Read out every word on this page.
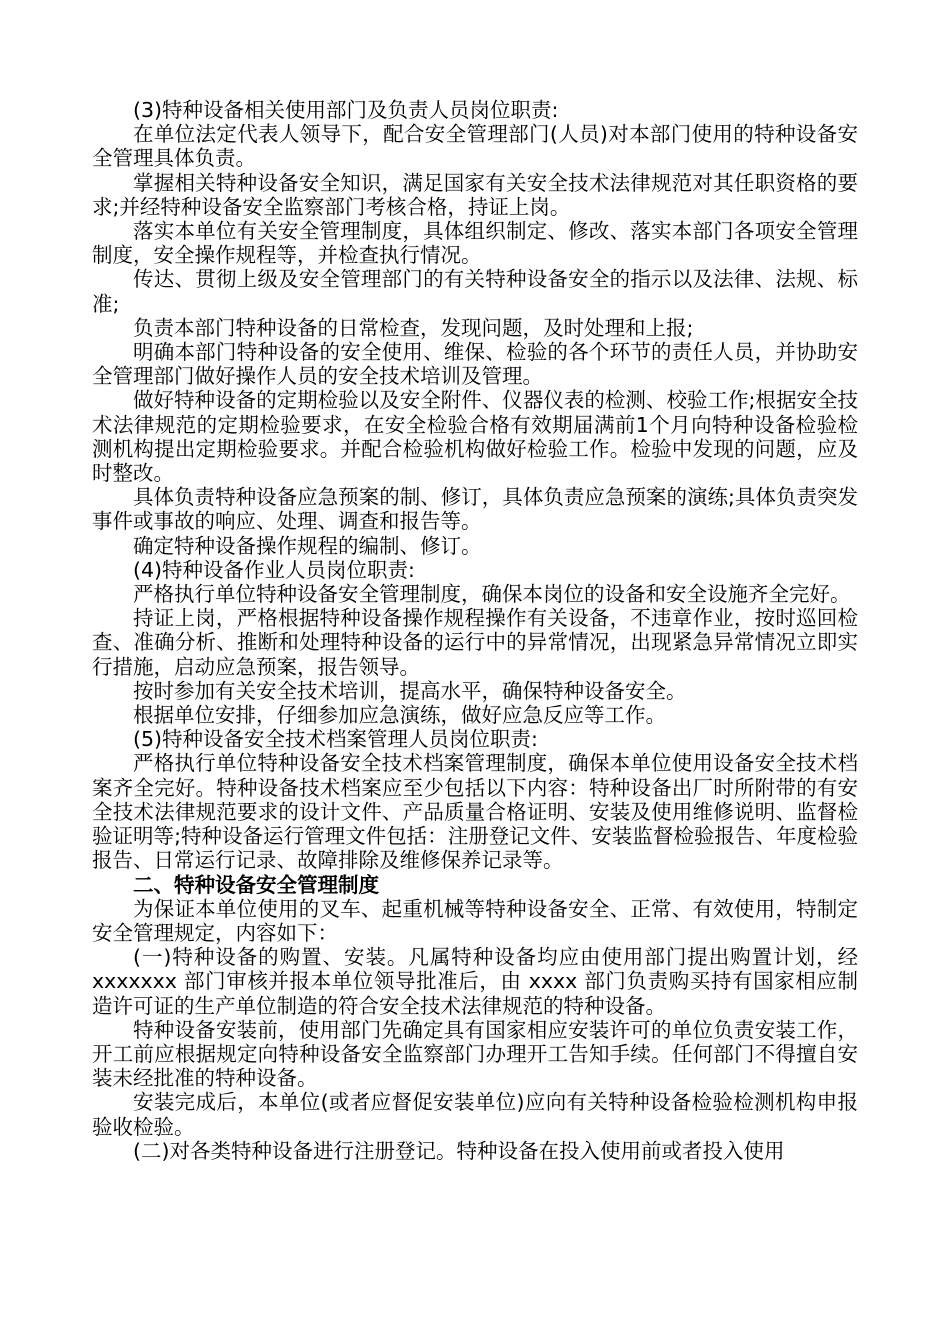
(3)特种设备相关使用部门及负责人员岗位职责:

在单位法定代表人领导下，配合安全管理部门(人员)对本部门使用的特种设备安全管理具体负责。

掌握相关特种设备安全知识，满足国家有关安全技术法律规范对其任职资格的要求;并经特种设备安全监察部门考核合格，持证上岗。

落实本单位有关安全管理制度，具体组织制定、修改、落实本部门各项安全管理制度，安全操作规程等，并检查执行情况。

传达、贯彻上级及安全管理部门的有关特种设备安全的指示以及法律、法规、标准;

负责本部门特种设备的日常检查，发现问题，及时处理和上报;

明确本部门特种设备的安全使用、维保、检验的各个环节的责任人员，并协助安全管理部门做好操作人员的安全技术培训及管理。

做好特种设备的定期检验以及安全附件、仪器仪表的检测、校验工作;根据安全技术法律规范的定期检验要求，在安全检验合格有效期届满前1个月向特种设备检验检测机构提出定期检验要求。并配合检验机构做好检验工作。检验中发现的问题，应及时整改。

具体负责特种设备应急预案的制、修订，具体负责应急预案的演练;具体负责突发事件或事故的响应、处理、调查和报告等。

确定特种设备操作规程的编制、修订。

(4)特种设备作业人员岗位职责:

严格执行单位特种设备安全管理制度，确保本岗位的设备和安全设施齐全完好。

持证上岗，严格根据特种设备操作规程操作有关设备，不违章作业，按时巡回检查、准确分析、推断和处理特种设备的运行中的异常情况，出现紧急异常情况立即实行措施，启动应急预案，报告领导。

按时参加有关安全技术培训，提高水平，确保特种设备安全。

根据单位安排，仔细参加应急演练，做好应急反应等工作。

(5)特种设备安全技术档案管理人员岗位职责:

严格执行单位特种设备安全技术档案管理制度，确保本单位使用设备安全技术档案齐全完好。特种设备技术档案应至少包括以下内容：特种设备出厂时所附带的有安全技术法律规范要求的设计文件、产品质量合格证明、安装及使用维修说明、监督检验证明等;特种设备运行管理文件包括：注册登记文件、安装监督检验报告、年度检验报告、日常运行记录、故障排除及维修保养记录等。

二、特种设备安全管理制度

为保证本单位使用的叉车、起重机械等特种设备安全、正常、有效使用，特制定安全管理规定，内容如下：

(一)特种设备的购置、安装。凡属特种设备均应由使用部门提出购置计划，经 xxxxxxx 部门审核并报本单位领导批准后，由 xxxx 部门负责购买持有国家相应制造许可证的生产单位制造的符合安全技术法律规范的特种设备。

特种设备安装前，使用部门先确定具有国家相应安装许可的单位负责安装工作，开工前应根据规定向特种设备安全监察部门办理开工告知手续。任何部门不得擅自安装未经批准的特种设备。

安装完成后，本单位(或者应督促安装单位)应向有关特种设备检验检测机构申报验收检验。

(二)对各类特种设备进行注册登记。特种设备在投入使用前或者投入使用
